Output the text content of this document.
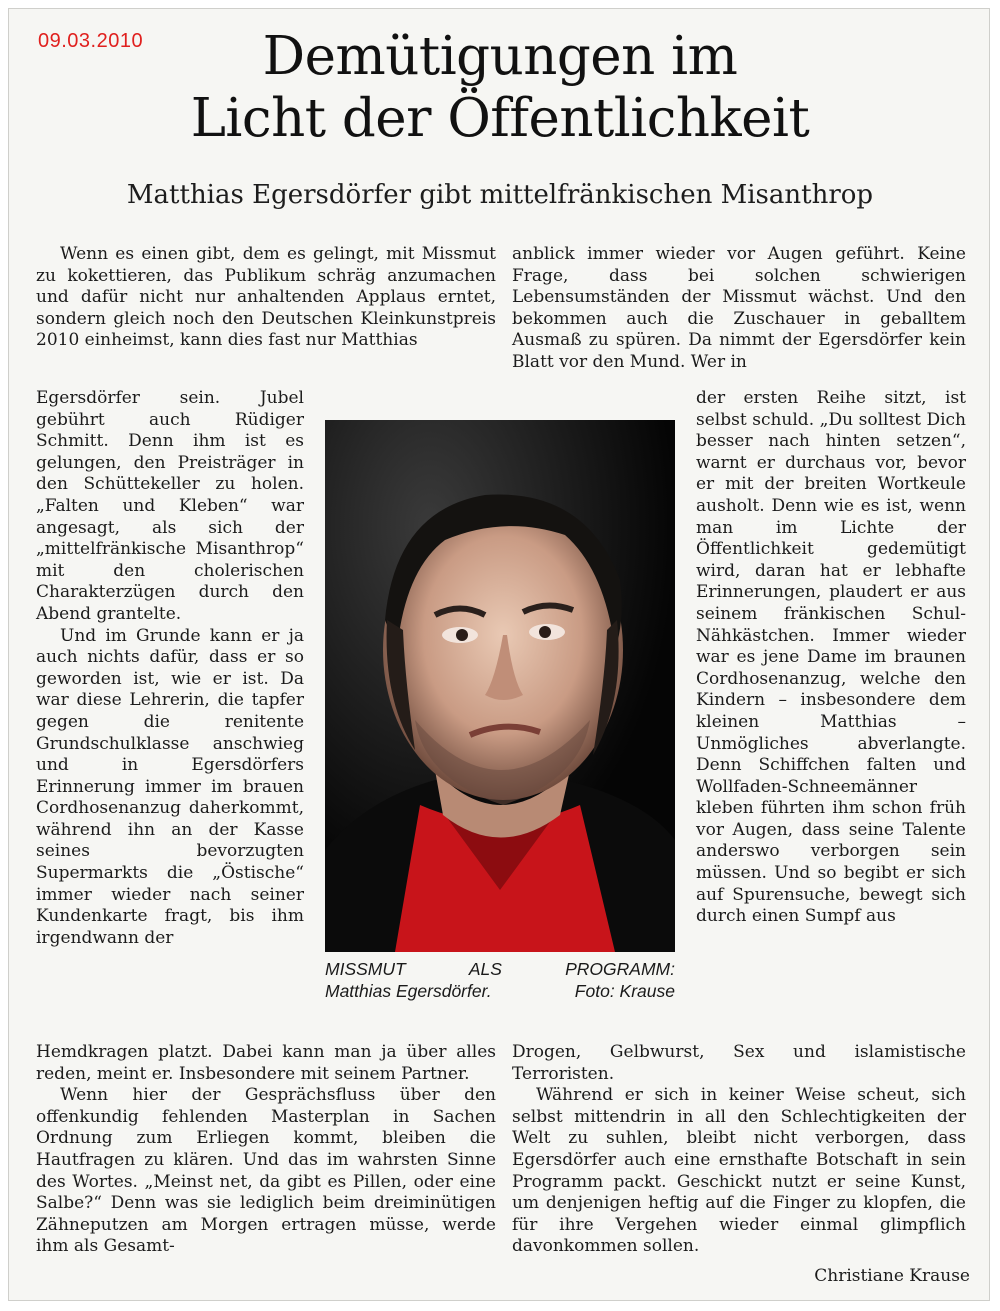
09.03.2010	Demütigungen im
Licht der Öffentlichkeit
Matthias Egersdörfer gibt mittelfränkischen Misanthrop

Wenn es einen gibt, dem es gelingt, mit Missmut zu kokettieren, das Publikum schräg anzumachen und dafür nicht nur anhaltenden Applaus erntet, sondern gleich noch den Deutschen Kleinkunstpreis 2010 einheimst, kann dies fast nur Matthias

Egersdörfer sein. Jubel gebührt auch Rüdiger Schmitt. Denn ihm ist es gelungen, den Preisträger in den Schüttekeller zu holen. „Falten und Kleben“ war angesagt, als sich der „mittelfränkische Misanthrop“ mit den cholerischen Charakterzügen durch den Abend grantelte.

Und im Grunde kann er ja auch nichts dafür, dass er so geworden ist, wie er ist. Da war diese Lehrerin, die tapfer gegen die renitente Grundschulklasse anschwieg und in Egersdörfers Erinnerung immer im brauen Cordhosenanzug daherkommt, während ihn an der Kasse seines bevorzugten Supermarkts die „Östische“ immer wieder nach seiner Kundenkarte fragt, bis ihm irgendwann der

Hemdkragen platzt. Dabei kann man ja über alles reden, meint er. Insbesondere mit seinem Partner.

Wenn hier der Gesprächsfluss über den offenkundig fehlenden Masterplan in Sachen Ordnung zum Erliegen kommt, bleiben die Hautfragen zu klären. Und das im wahrsten Sinne des Wortes. „Meinst net, da gibt es Pillen, oder eine Salbe?“ Denn was sie lediglich beim dreiminütigen Zähneputzen am Morgen ertragen müsse, werde ihm als Gesamt-

anblick immer wieder vor Augen geführt. Keine Frage, dass bei solchen schwierigen Lebensumständen der Missmut wächst. Und den bekommen auch die Zuschauer in geballtem Ausmaß zu spüren. Da nimmt der Egersdörfer kein Blatt vor den Mund. Wer in

der ersten Reihe sitzt, ist selbst schuld. „Du solltest Dich besser nach hinten setzen“, warnt er durchaus vor, bevor er mit der breiten Wortkeule ausholt. Denn wie es ist, wenn man im Lichte der Öffentlichkeit gedemütigt wird, daran hat er lebhafte Erinnerungen, plaudert er aus seinem fränkischen Schul-Nähkästchen. Immer wieder war es jene Dame im braunen Cordhosenanzug, welche den Kindern – insbesondere dem kleinen Matthias – Unmögliches abverlangte. Denn Schiffchen falten und Wollfaden-Schneemänner kleben führten ihm schon früh vor Augen, dass seine Talente anderswo verborgen sein müssen. Und so begibt er sich auf Spurensuche, bewegt sich durch einen Sumpf aus

Drogen, Gelbwurst, Sex und islamistische Terroristen.

Während er sich in keiner Weise scheut, sich selbst mittendrin in all den Schlechtigkeiten der Welt zu suhlen, bleibt nicht verborgen, dass Egersdörfer auch eine ernsthafte Botschaft in sein Programm packt. Geschickt nutzt er seine Kunst, um denjenigen heftig auf die Finger zu klopfen, die für ihre Vergehen wieder einmal glimpflich davonkommen sollen.

Christiane Krause
MISSMUT	ALS	PROGRAMM:
Matthias Egersdörfer.	Foto: Krause
